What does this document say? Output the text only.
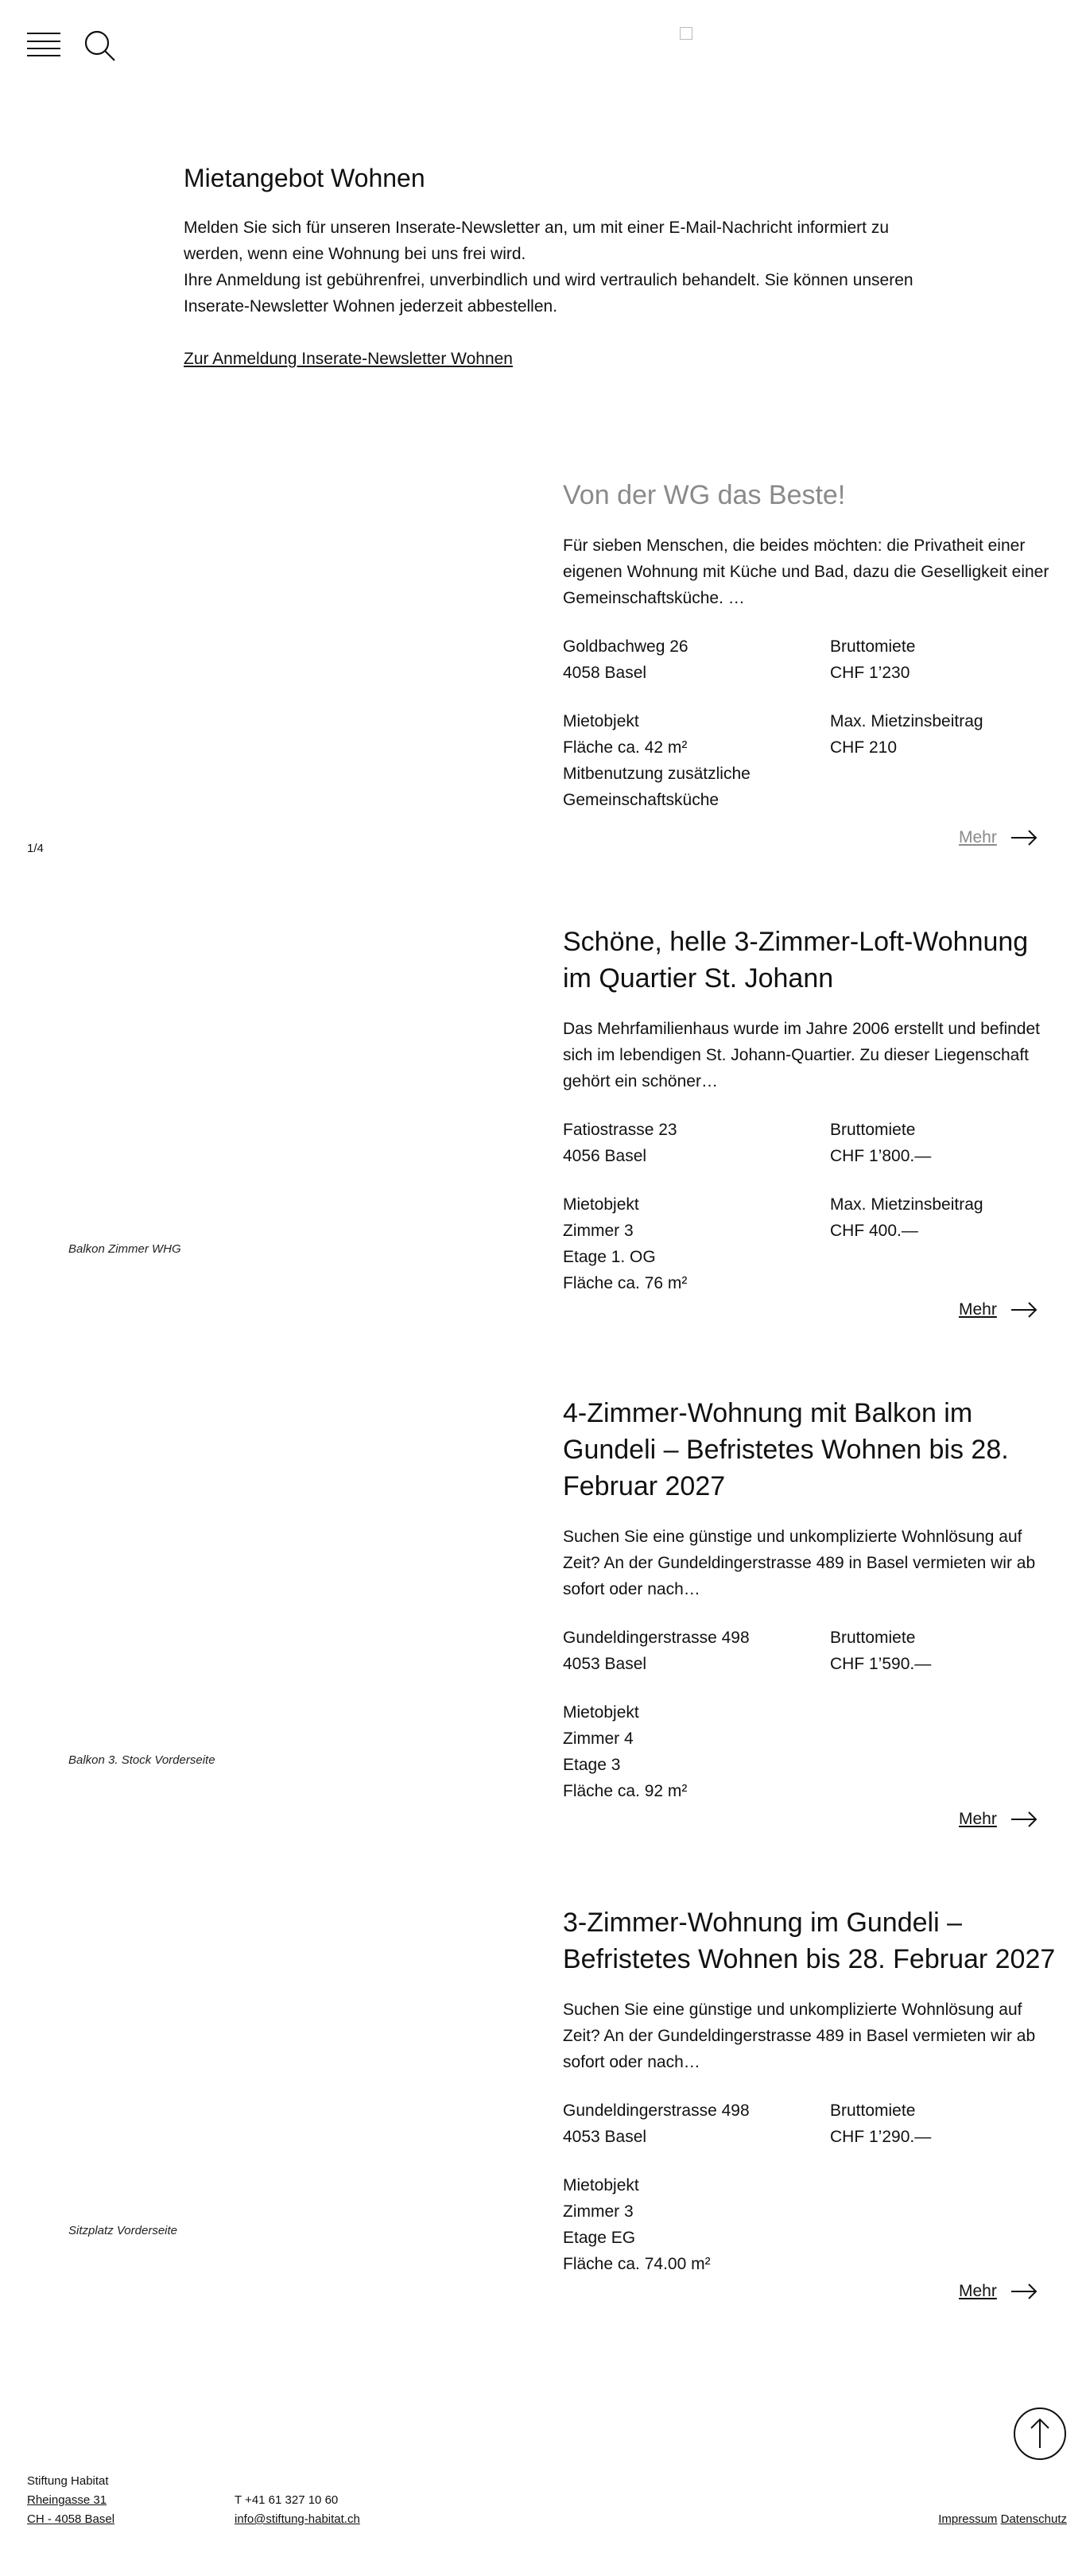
Mietangebot Wohnen

Melden Sie sich für unseren Inserate-Newsletter an, um mit einer E-Mail-Nachricht informiert zu werden, wenn eine Wohnung bei uns frei wird.

Ihre Anmeldung ist gebührenfrei, unverbindlich und wird vertraulich behandelt. Sie können unseren Inserate-Newsletter Wohnen jederzeit abbestellen.

Zur Anmeldung Inserate-Newsletter Wohnen
1/4
Von der WG das Beste!

Für sieben Menschen, die beides möchten: die Privatheit einer eigenen Wohnung mit Küche und Bad, dazu die Geselligkeit einer Gemeinschaftsküche. …

Goldbachweg 26
4058 Basel
Bruttomiete
CHF 1’230
Mietobjekt
Fläche ca. 42 m²
Mitbenutzung zusätzliche Gemeinschaftsküche
Max. Mietzinsbeitrag
CHF 210
Mehr
Balkon Zimmer WHG
Schöne, helle 3-Zimmer-Loft-Wohnung im Quartier St. Johann

Das Mehrfamilienhaus wurde im Jahre 2006 erstellt und befindet sich im lebendigen St. Johann-Quartier. Zu dieser Liegenschaft gehört ein schöner…

Fatiostrasse 23
4056 Basel
Bruttomiete
CHF 1’800.—
Mietobjekt
Zimmer 3
Etage 1. OG
Fläche ca. 76 m²
Max. Mietzinsbeitrag
CHF 400.—
Mehr
Balkon 3. Stock Vorderseite
4-Zimmer-Wohnung mit Balkon im Gundeli – Befristetes Wohnen bis 28. Februar 2027

Suchen Sie eine günstige und unkomplizierte Wohnlösung auf Zeit? An der Gundeldingerstrasse 489 in Basel vermieten wir ab sofort oder nach…

Gundeldingerstrasse 498
4053 Basel
Bruttomiete
CHF 1’590.—
Mietobjekt
Zimmer 4
Etage 3
Fläche ca. 92 m²
Mehr
Sitzplatz Vorderseite
3-Zimmer-Wohnung im Gundeli – Befristetes Wohnen bis 28. Februar 2027

Suchen Sie eine günstige und unkomplizierte Wohnlösung auf Zeit? An der Gundeldingerstrasse 489 in Basel vermieten wir ab sofort oder nach…

Gundeldingerstrasse 498
4053 Basel
Bruttomiete
CHF 1’290.—
Mietobjekt
Zimmer 3
Etage EG
Fläche ca. 74.00 m²
Mehr
Stiftung Habitat
Rheingasse 31
CH - 4058 Basel
T +41 61 327 10 60
info@stiftung-habitat.ch	Impressum Datenschutz
